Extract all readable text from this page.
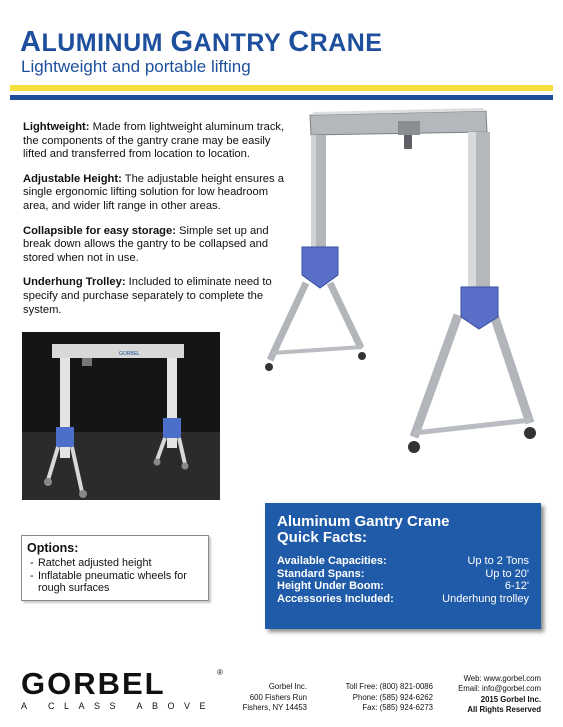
ALUMINUM GANTRY CRANE
Lightweight and portable lifting

Lightweight: Made from lightweight aluminum track, the components of the gantry crane may be easily lifted and transferred from location to location.

Adjustable Height: The adjustable height ensures a single ergonomic lifting solution for low headroom area, and wider lift range in other areas.

Collapsible for easy storage: Simple set up and break down allows the gantry to be collapsed and stored when not in use.

Underhung Trolley: Included to eliminate need to specify and purchase separately to complete the system.

GORBEL
Options:
- Ratchet adjusted height
- Inflatable pneumatic wheels for rough surfaces
Aluminum Gantry Crane
Quick Facts:
Available Capacities:	Up to 2 Tons
Standard Spans:	Up to 20'
Height Under Boom:	6-12'
Accessories Included:	Underhung trolley
GORBEL	®
A CLASS ABOVE
Gorbel Inc.
600 Fishers Run
Fishers, NY 14453
Toll Free: (800) 821-0086
Phone: (585) 924-6262
Fax: (585) 924-6273
Web: www.gorbel.com
Email: info@gorbel.com
2015 Gorbel Inc.
All Rights Reserved
